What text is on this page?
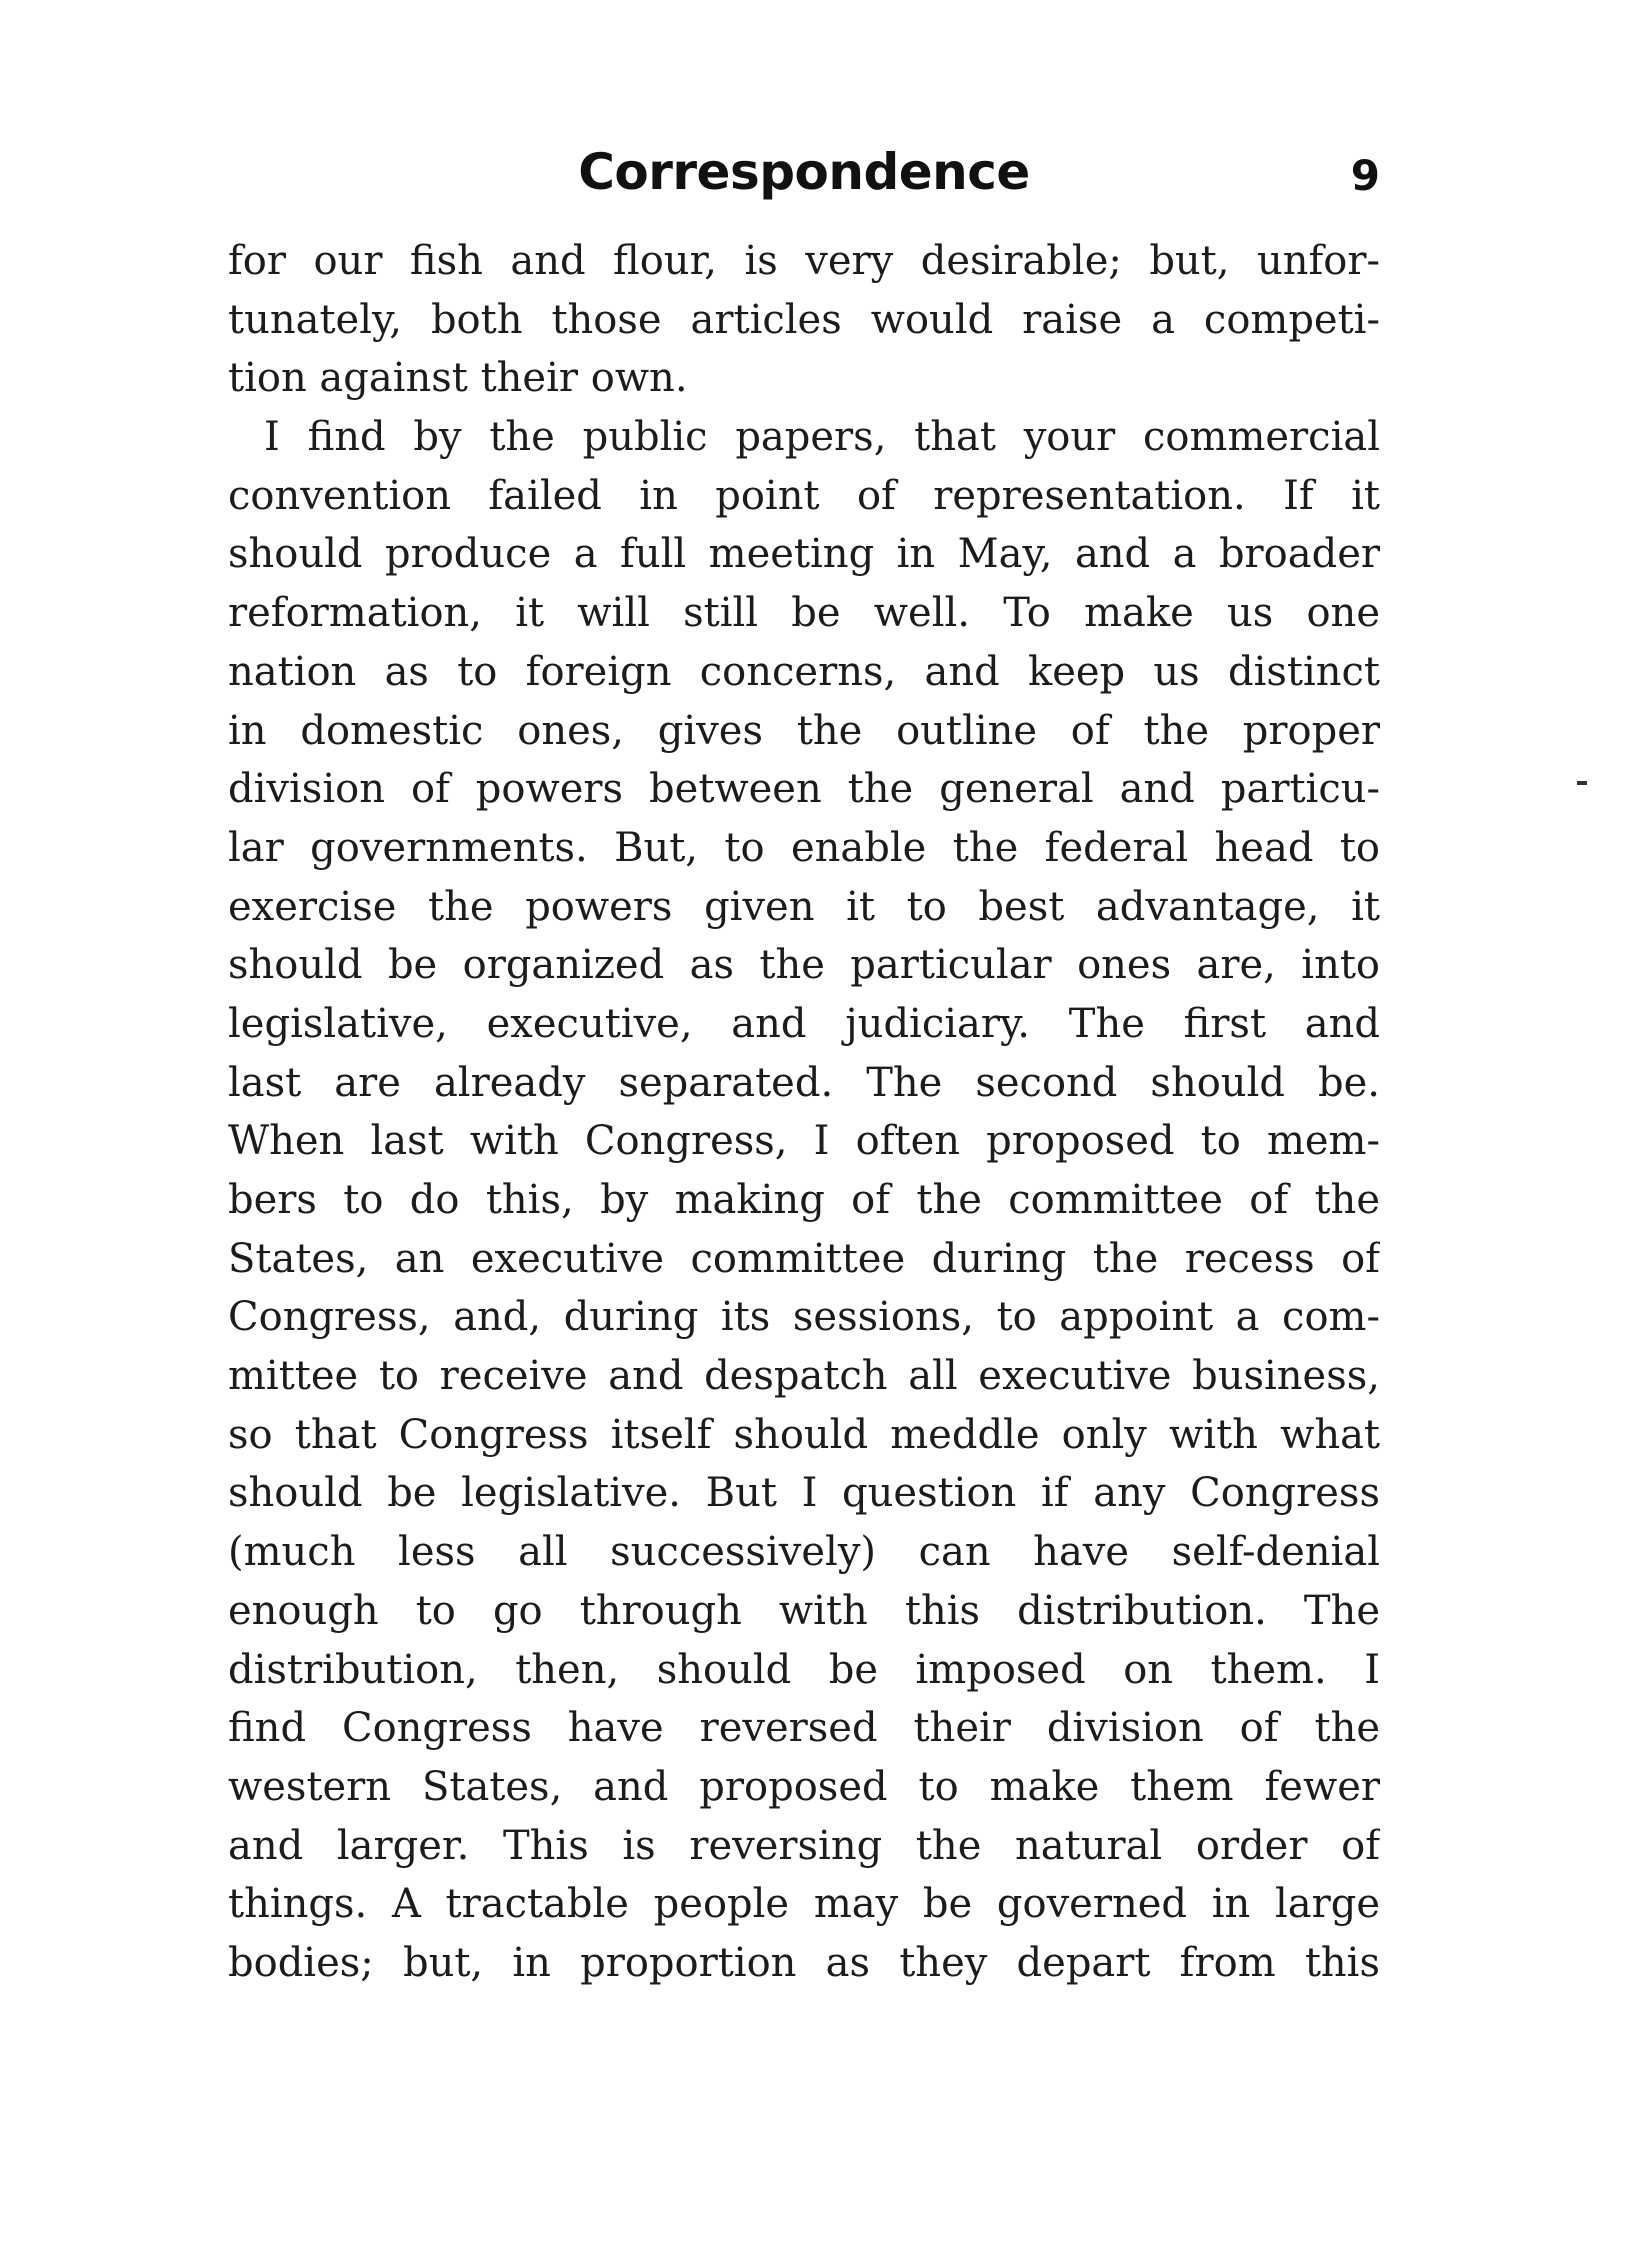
Correspondence	9
for our fish and flour, is very desirable; but, unfor-
tunately, both those articles would raise a competi-
tion against their own.
I find by the public papers, that your commercial
convention failed in point of representation. If it
should produce a full meeting in May, and a broader
reformation, it will still be well. To make us one
nation as to foreign concerns, and keep us distinct
in domestic ones, gives the outline of the proper
division of powers between the general and particu-
lar governments. But, to enable the federal head to
exercise the powers given it to best advantage, it
should be organized as the particular ones are, into
legislative, executive, and judiciary. The first and
last are already separated. The second should be.
When last with Congress, I often proposed to mem-
bers to do this, by making of the committee of the
States, an executive committee during the recess of
Congress, and, during its sessions, to appoint a com-
mittee to receive and despatch all executive business,
so that Congress itself should meddle only with what
should be legislative. But I question if any Congress
(much less all successively) can have self-denial
enough to go through with this distribution. The
distribution, then, should be imposed on them. I
find Congress have reversed their division of the
western States, and proposed to make them fewer
and larger. This is reversing the natural order of
things. A tractable people may be governed in large
bodies; but, in proportion as they depart from this
